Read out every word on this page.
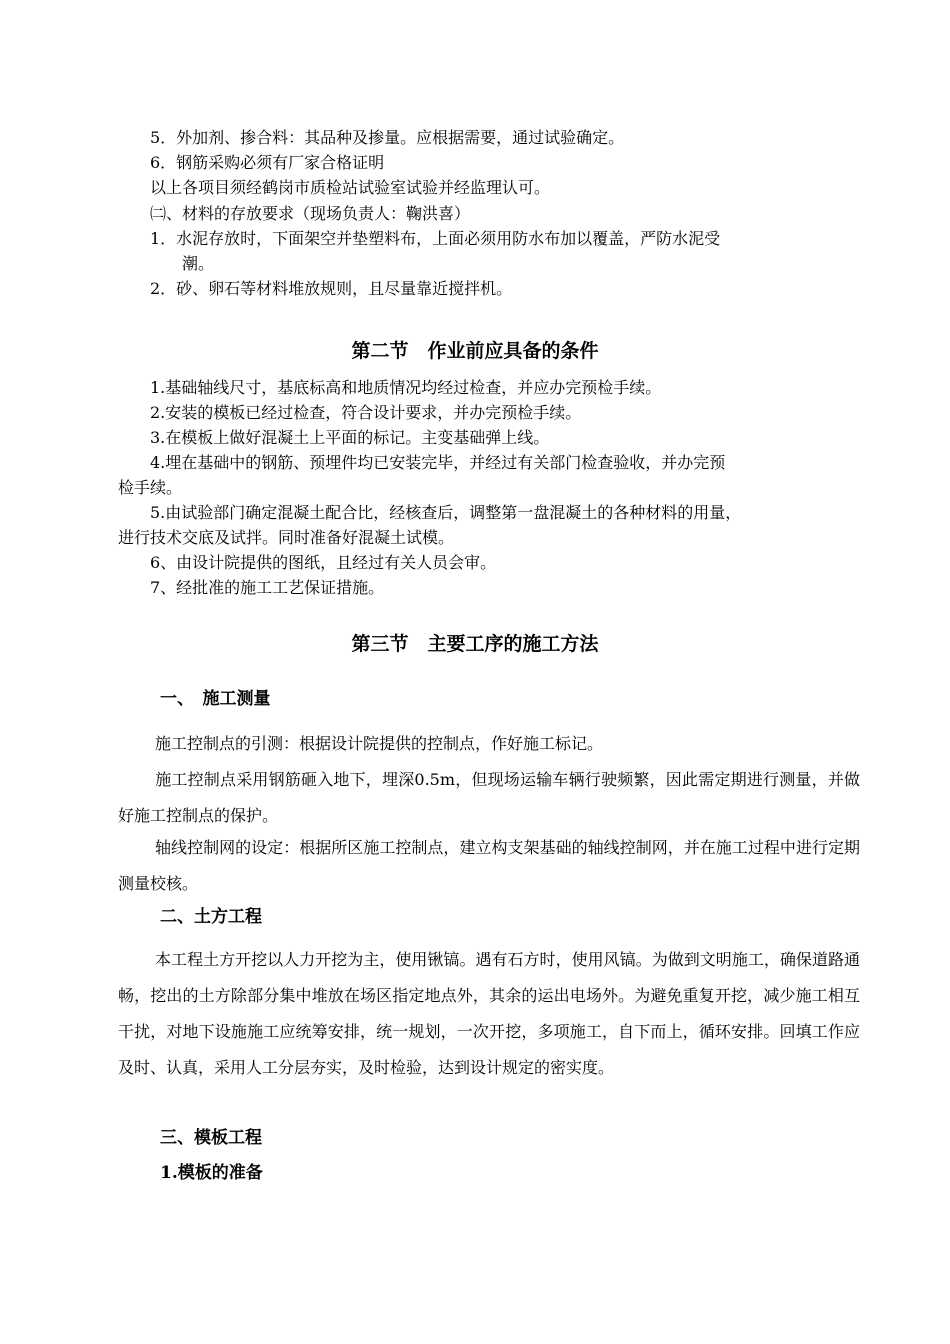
5．外加剂、掺合料：其品种及掺量。应根据需要，通过试验确定。
6．钢筋采购必须有厂家合格证明
以上各项目须经鹤岗市质检站试验室试验并经监理认可。
㈡、材料的存放要求（现场负责人：鞠洪喜）
1．水泥存放时，下面架空并垫塑料布，上面必须用防水布加以覆盖，严防水泥受
潮。
2．砂、卵石等材料堆放规则，且尽量靠近搅拌机。
第二节　作业前应具备的条件
1.基础轴线尺寸，基底标高和地质情况均经过检查，并应办完预检手续。
2.安装的模板已经过检查，符合设计要求，并办完预检手续。
3.在模板上做好混凝土上平面的标记。主变基础弹上线。
4.埋在基础中的钢筋、预埋件均已安装完毕，并经过有关部门检查验收，并办完预
检手续。
5.由试验部门确定混凝土配合比，经核查后，调整第一盘混凝土的各种材料的用量，
进行技术交底及试拌。同时准备好混凝土试模。
6、由设计院提供的图纸，且经过有关人员会审。
7、经批准的施工工艺保证措施。
第三节　主要工序的施工方法
一、　施工测量
施工控制点的引测：根据设计院提供的控制点，作好施工标记。
施工控制点采用钢筋砸入地下，埋深0.5m，但现场运输车辆行驶频繁，因此需定期进行测量，并做好施工控制点的保护。
轴线控制网的设定：根据所区施工控制点，建立构支架基础的轴线控制网，并在施工过程中进行定期测量校核。
二、土方工程
本工程土方开挖以人力开挖为主，使用锹镐。遇有石方时，使用风镐。为做到文明施工，确保道路通畅，挖出的土方除部分集中堆放在场区指定地点外，其余的运出电场外。为避免重复开挖，减少施工相互干扰，对地下设施施工应统筹安排，统一规划，一次开挖，多项施工，自下而上，循环安排。回填工作应及时、认真，采用人工分层夯实，及时检验，达到设计规定的密实度。
三、模板工程
1.模板的准备
